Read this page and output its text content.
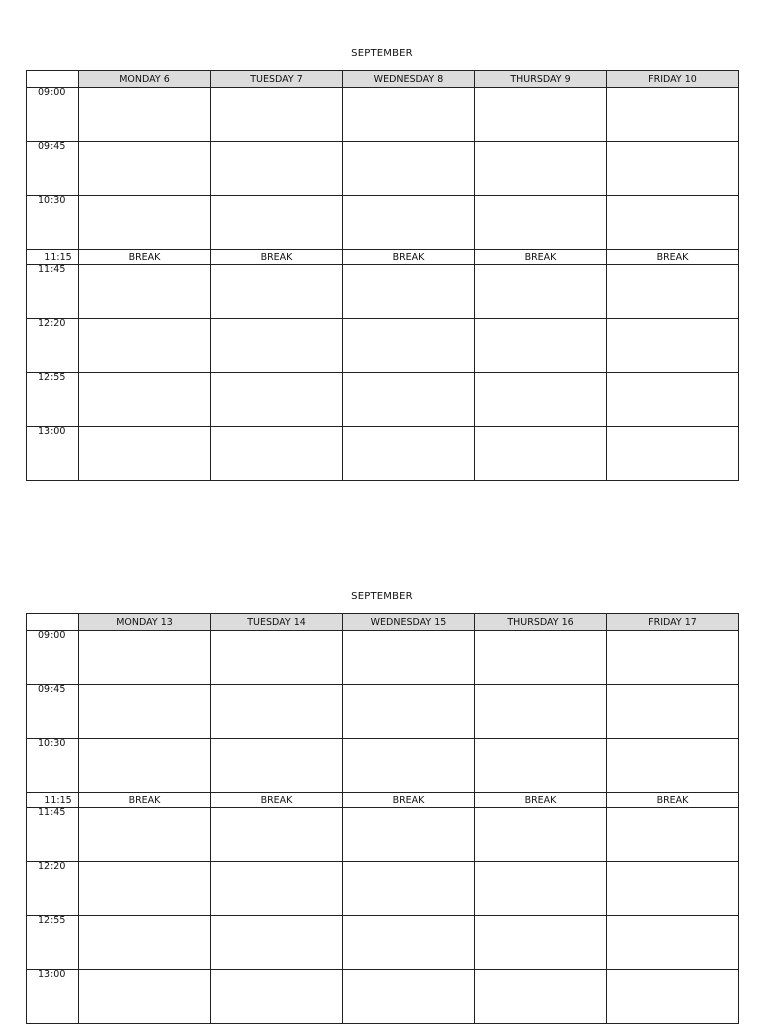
SEPTEMBER
	MONDAY 6	TUESDAY 7	WEDNESDAY 8	THURSDAY 9	FRIDAY 10

09:00					

09:45					

10:30					

11:15	BREAK	BREAK	BREAK	BREAK	BREAK

11:45					

12:20					

12:55					

13:00					

SEPTEMBER
	MONDAY 13	TUESDAY 14	WEDNESDAY 15	THURSDAY 16	FRIDAY 17

09:00					

09:45					

10:30					

11:15	BREAK	BREAK	BREAK	BREAK	BREAK

11:45					

12:20					

12:55					

13:00					
